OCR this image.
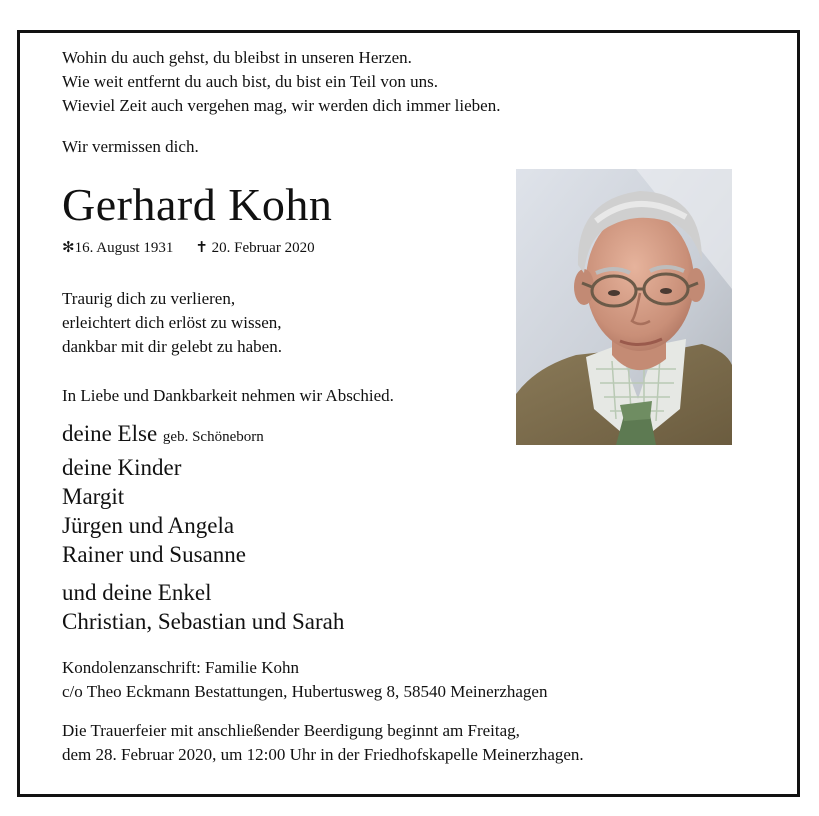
Wohin du auch gehst, du bleibst in unseren Herzen.
Wie weit entfernt du auch bist, du bist ein Teil von uns.
Wieviel Zeit auch vergehen mag, wir werden dich immer lieben.
Wir vermissen dich.
Gerhard Kohn
✻16. August 1931 ✝ 20. Februar 2020
Traurig dich zu verlieren,
erleichtert dich erlöst zu wissen,
dankbar mit dir gelebt zu haben.
In Liebe und Dankbarkeit nehmen wir Abschied.
deine Else geb. Schöneborn
deine Kinder
Margit
Jürgen und Angela
Rainer und Susanne
und deine Enkel
Christian, Sebastian und Sarah
Kondolenzanschrift: Familie Kohn
c/o Theo Eckmann Bestattungen, Hubertusweg 8, 58540 Meinerzhagen
Die Trauerfeier mit anschließender Beerdigung beginnt am Freitag,
dem 28. Februar 2020, um 12:00 Uhr in der Friedhofskapelle Meinerzhagen.
